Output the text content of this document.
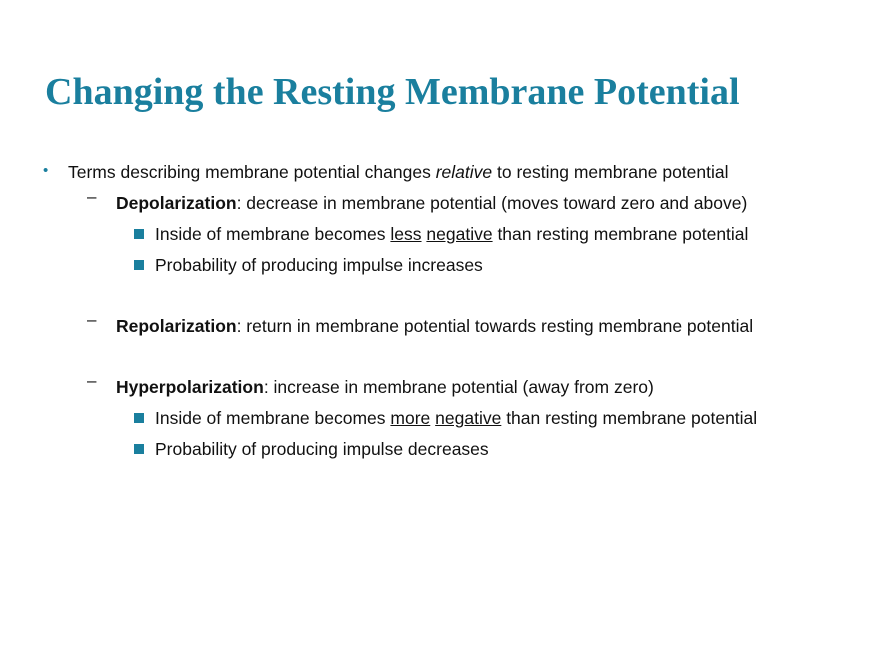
Changing the Resting Membrane Potential
• Terms describing membrane potential changes relative to resting membrane potential
– Depolarization: decrease in membrane potential (moves toward zero and above)
Inside of membrane becomes less negative than resting membrane potential
Probability of producing impulse increases
– Repolarization: return in membrane potential towards resting membrane potential
– Hyperpolarization: increase in membrane potential (away from zero)
Inside of membrane becomes more negative than resting membrane potential
Probability of producing impulse decreases
